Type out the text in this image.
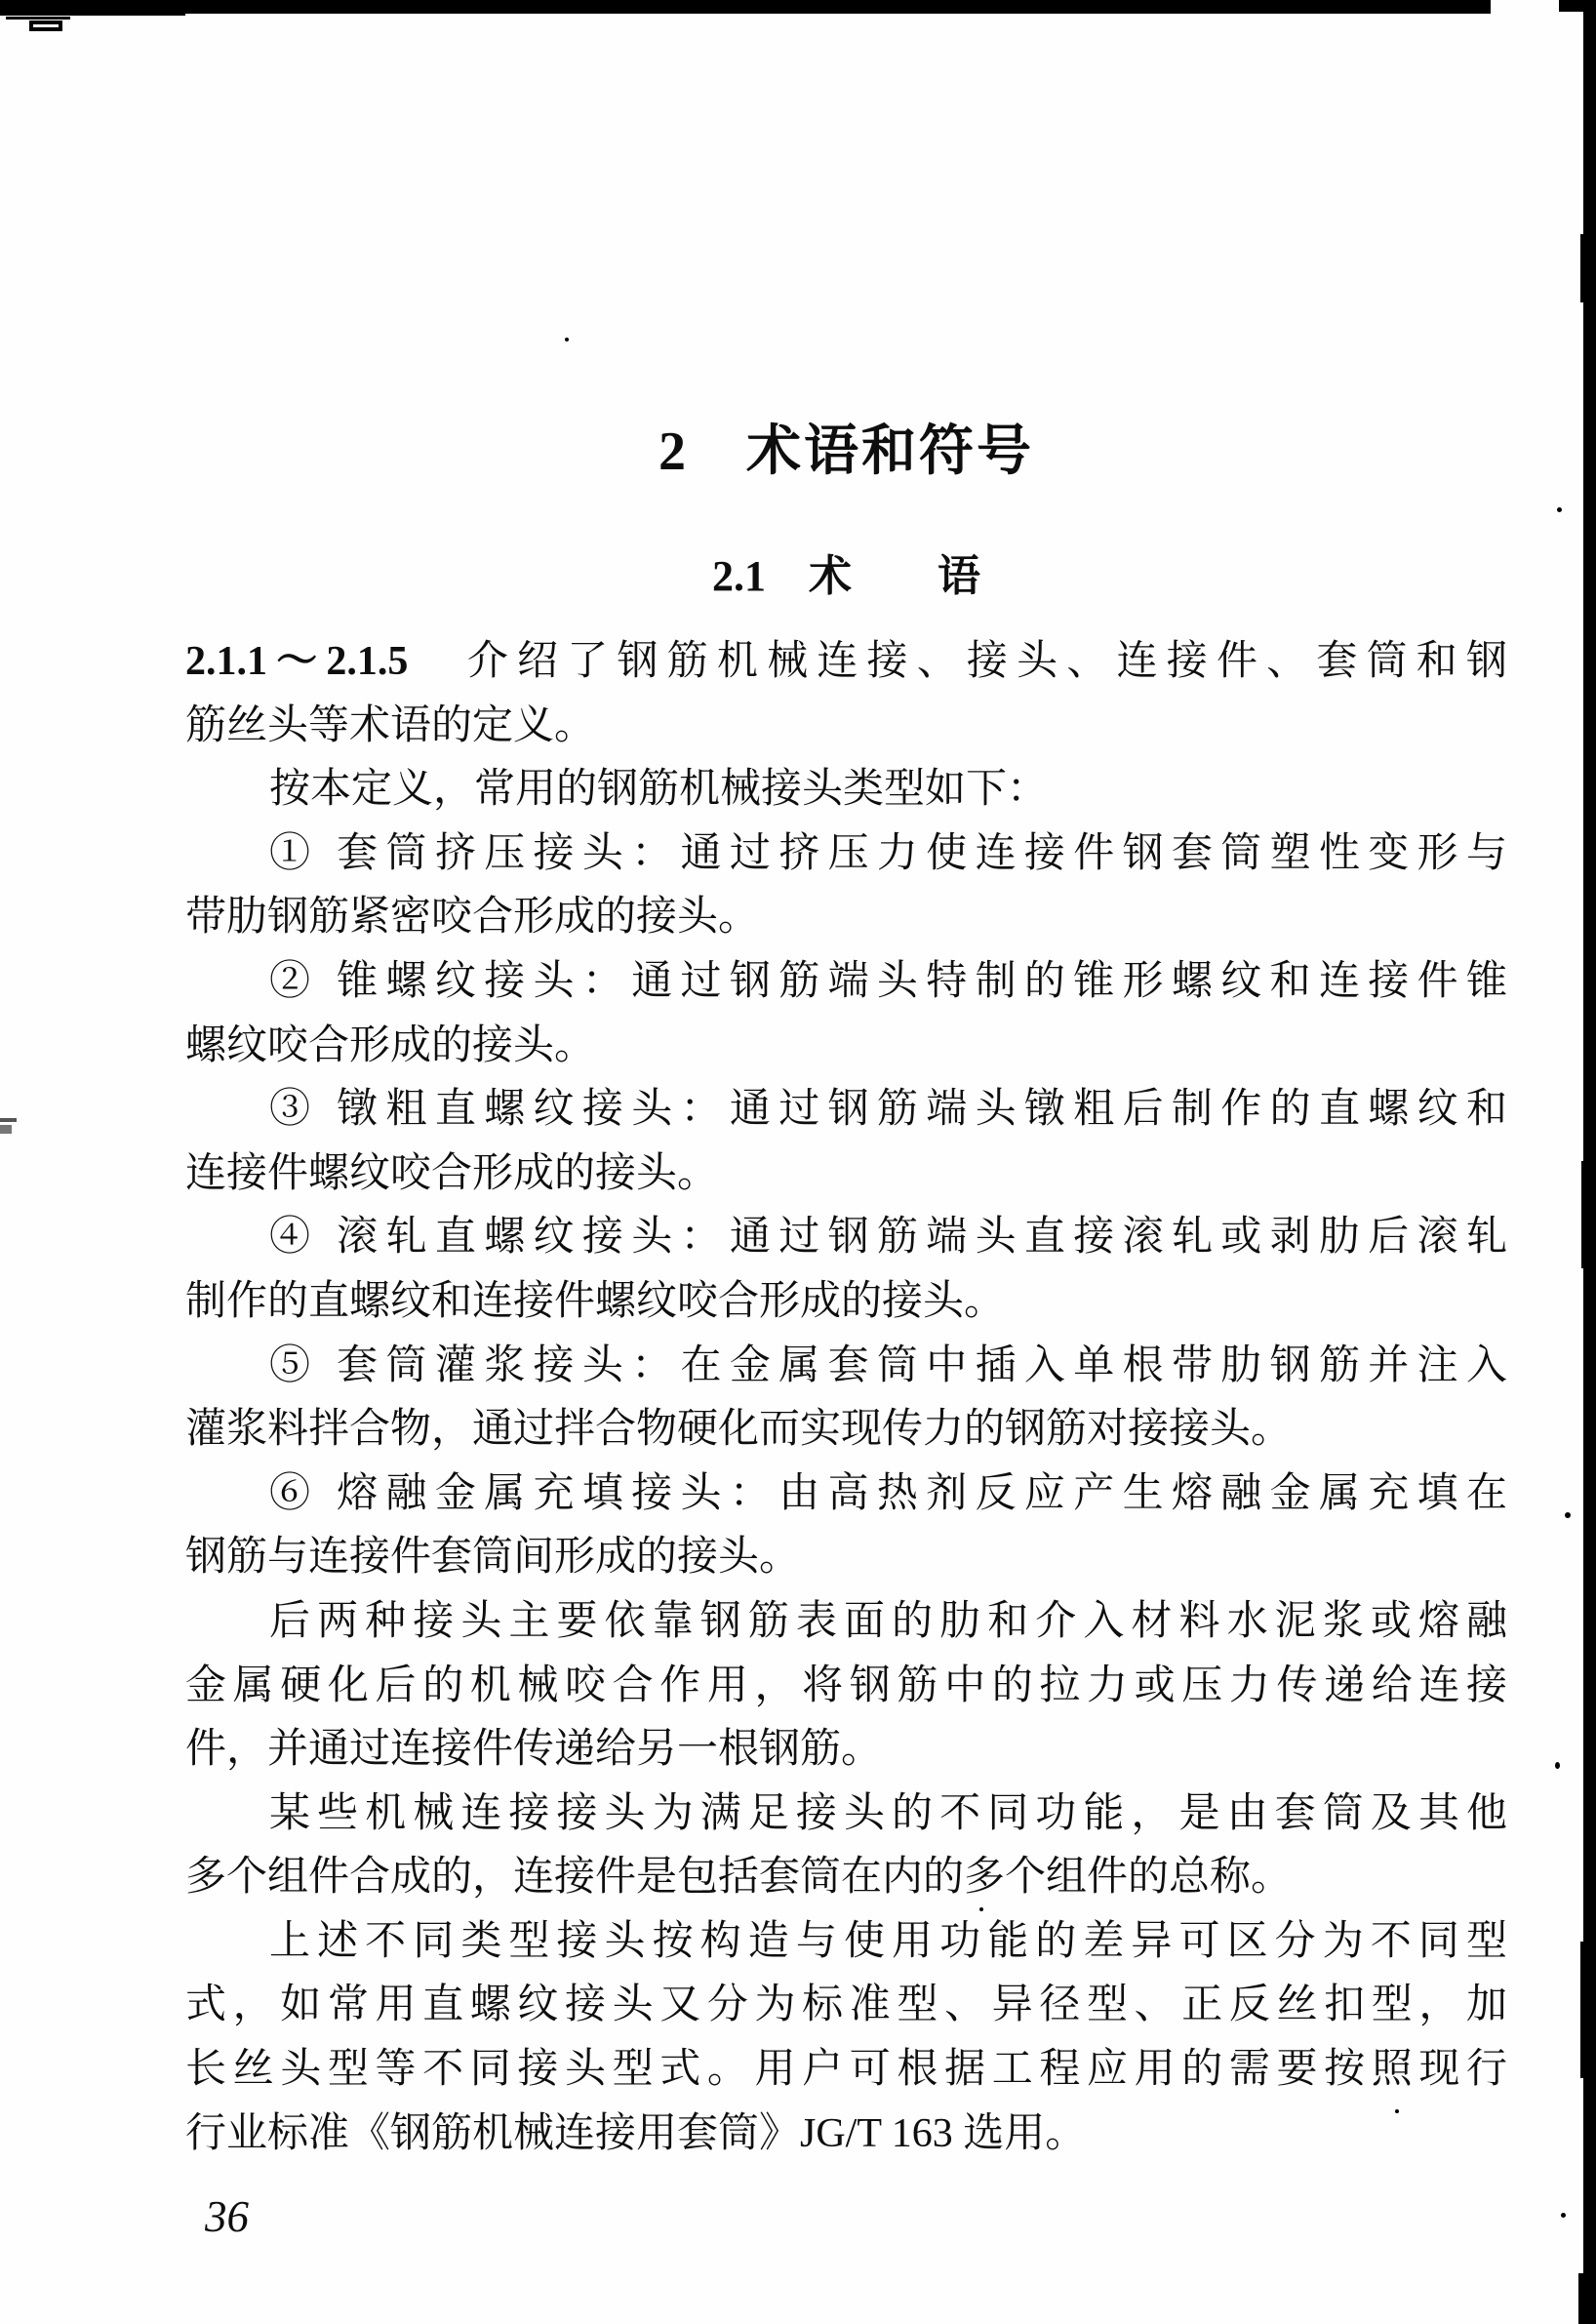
2　术语和符号
2.1　术　　语
2.1.1～2.1.5　介绍了钢筋机械连接、接头、连接件、套筒和钢
筋丝头等术语的定义。
按本定义，常用的钢筋机械接头类型如下：
① 套筒挤压接头：通过挤压力使连接件钢套筒塑性变形与
带肋钢筋紧密咬合形成的接头。
② 锥螺纹接头：通过钢筋端头特制的锥形螺纹和连接件锥
螺纹咬合形成的接头。
③ 镦粗直螺纹接头：通过钢筋端头镦粗后制作的直螺纹和
连接件螺纹咬合形成的接头。
④ 滚轧直螺纹接头：通过钢筋端头直接滚轧或剥肋后滚轧
制作的直螺纹和连接件螺纹咬合形成的接头。
⑤ 套筒灌浆接头：在金属套筒中插入单根带肋钢筋并注入
灌浆料拌合物，通过拌合物硬化而实现传力的钢筋对接接头。
⑥ 熔融金属充填接头：由高热剂反应产生熔融金属充填在
钢筋与连接件套筒间形成的接头。
后两种接头主要依靠钢筋表面的肋和介入材料水泥浆或熔融
金属硬化后的机械咬合作用，将钢筋中的拉力或压力传递给连接
件，并通过连接件传递给另一根钢筋。
某些机械连接接头为满足接头的不同功能，是由套筒及其他
多个组件合成的，连接件是包括套筒在内的多个组件的总称。
上述不同类型接头按构造与使用功能的差异可区分为不同型
式，如常用直螺纹接头又分为标准型、异径型、正反丝扣型，加
长丝头型等不同接头型式。用户可根据工程应用的需要按照现行
行业标准《钢筋机械连接用套筒》JG/T 163 选用。
36
